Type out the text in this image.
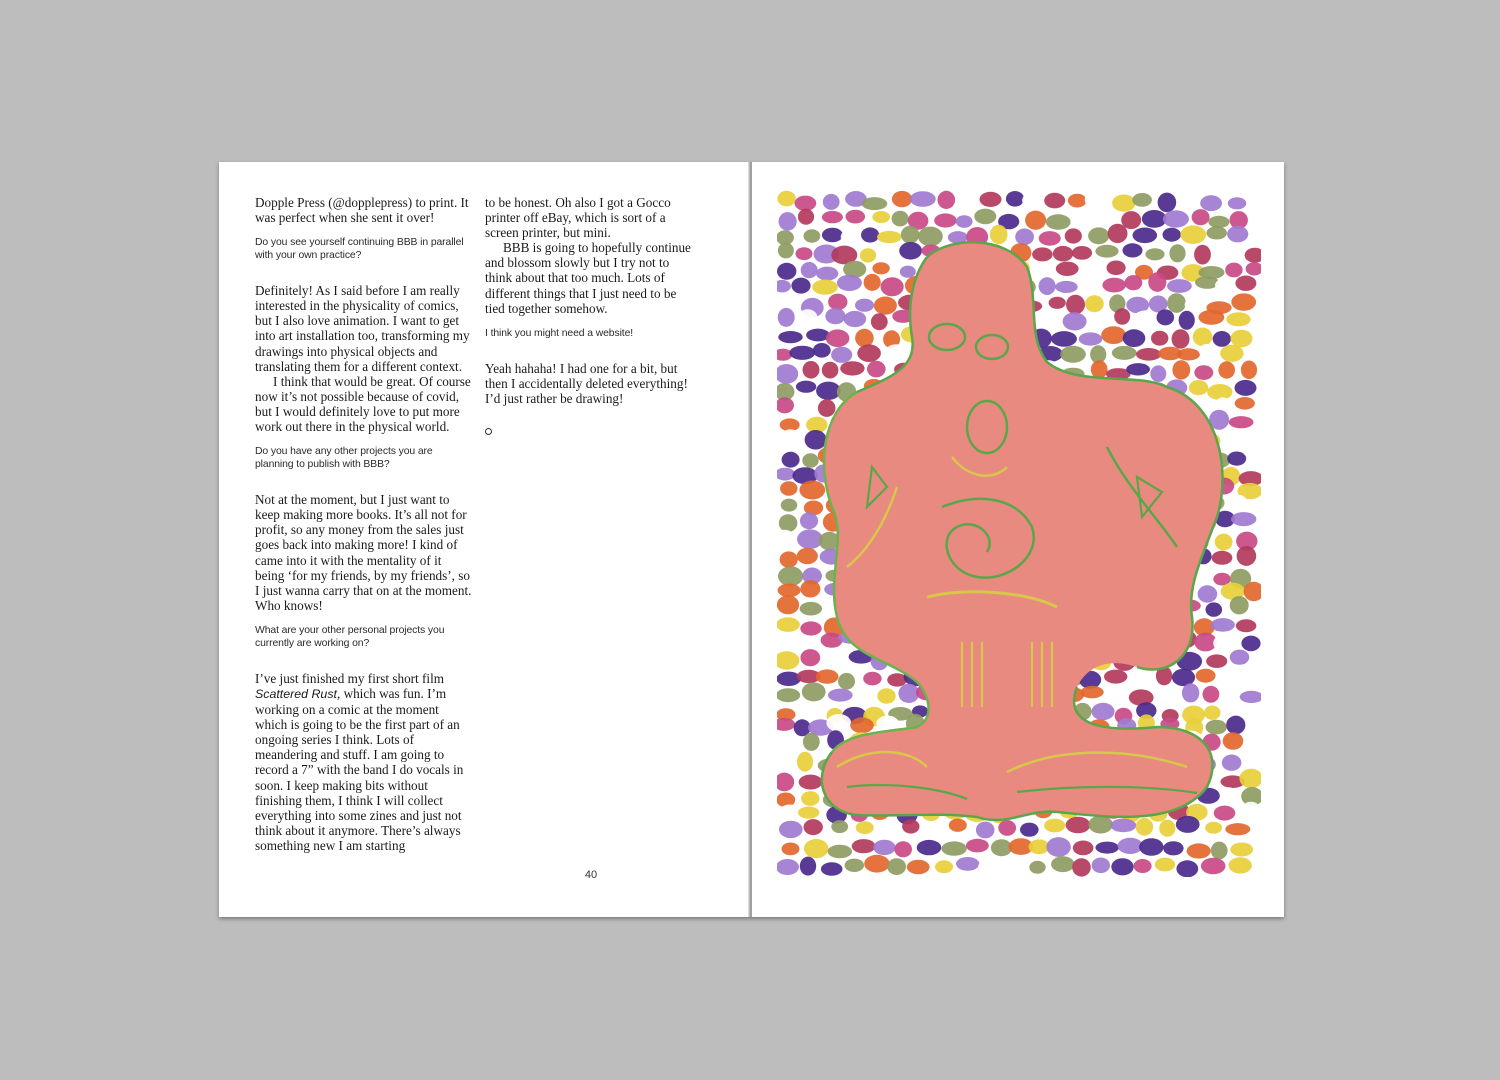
Dopple Press (@dopplepress) to print. It was perfect when she sent it over!

Do you see yourself continuing BBB in parallel with your own practice?

Definitely! As I said before I am really interested in the physicality of comics, but I also love animation. I want to get into art installation too, transforming my drawings into physical objects and translating them for a different context.

I think that would be great. Of course now it’s not possible because of covid, but I would definitely love to put more work out there in the physical world.

Do you have any other projects you are planning to publish with BBB?

Not at the moment, but I just want to keep making more books. It’s all not for profit, so any money from the sales just goes back into making more! I kind of came into it with the mentality of it being ‘for my friends, by my friends’, so I just wanna carry that on at the moment. Who knows!

What are your other personal projects you currently are working on?

I’ve just finished my first short film Scattered Rust, which was fun. I’m working on a comic at the moment which is going to be the first part of an ongoing series I think. Lots of meandering and stuff. I am going to record a 7” with the band I do vocals in soon. I keep making bits without finishing them, I think I will collect everything into some zines and just not think about it anymore. There’s always something new I am starting

to be honest. Oh also I got a Gocco printer off eBay, which is sort of a screen printer, but mini.

BBB is going to hopefully continue and blossom slowly but I try not to think about that too much. Lots of different things that I just need to be tied together somehow.

I think you might need a website!

Yeah hahaha! I had one for a bit, but then I accidentally deleted everything! I’d just rather be drawing!

40
